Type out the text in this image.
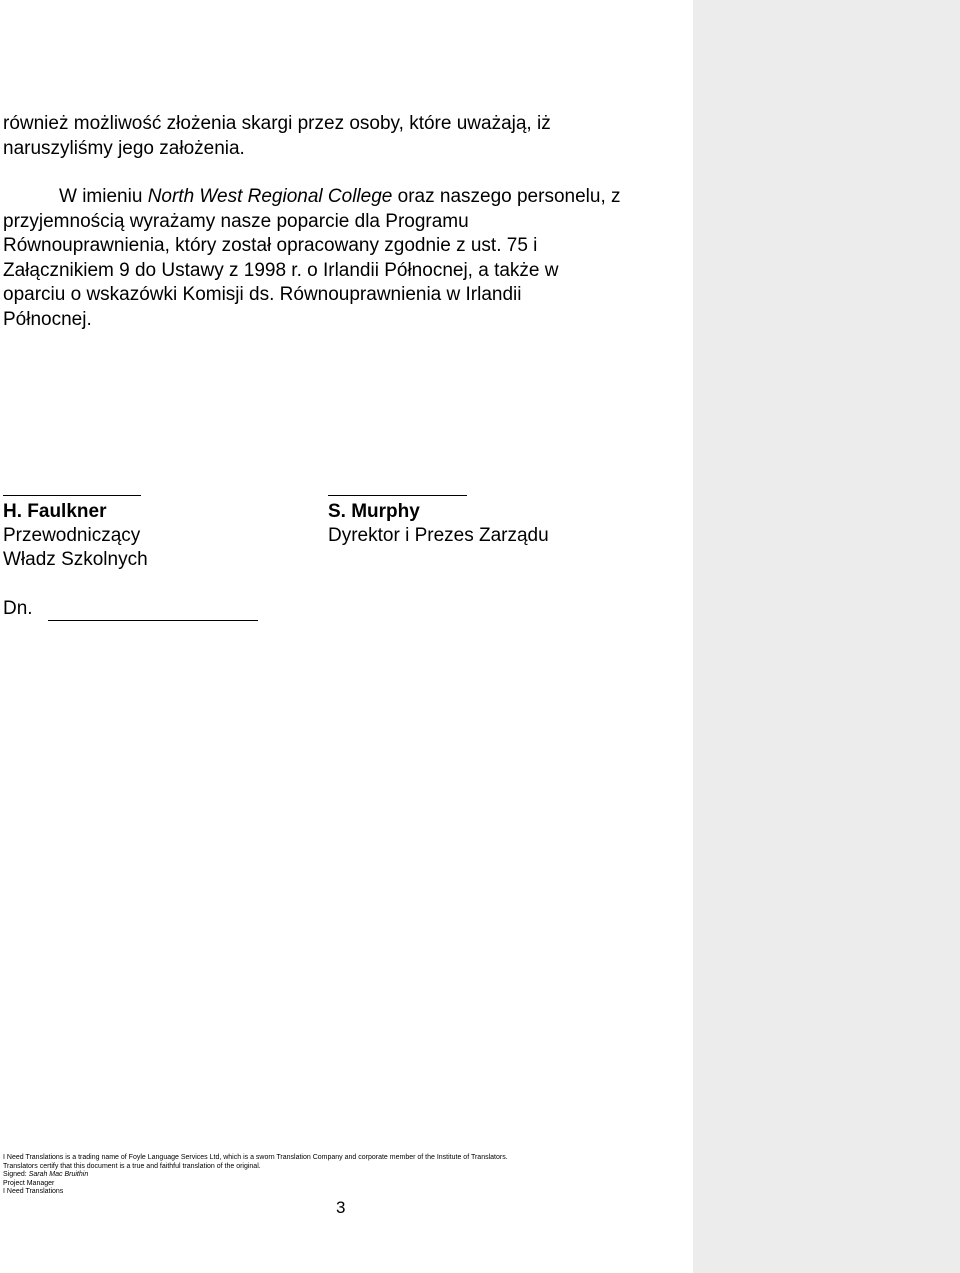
również możliwość złożenia skargi przez osoby, które uważają, iż
naruszyliśmy jego założenia.
W imieniu North West Regional College oraz naszego personelu, z
przyjemnością wyrażamy nasze poparcie dla Programu
Równouprawnienia, który został opracowany zgodnie z ust. 75 i
Załącznikiem 9 do Ustawy z 1998 r. o Irlandii Północnej, a także w
oparciu o wskazówki Komisji ds. Równouprawnienia w Irlandii
Północnej.
H. Faulkner
Przewodniczący
Władz Szkolnych
S. Murphy
Dyrektor i Prezes Zarządu
Dn.
I Need Translations is a trading name of Foyle Language Services Ltd, which is a sworn Translation Company and corporate member of the Institute of Translators.
Translators certify that this document is a true and faithful translation of the original.
Signed: Sarah Mac Bruithin
Project Manager
I Need Translations
3
